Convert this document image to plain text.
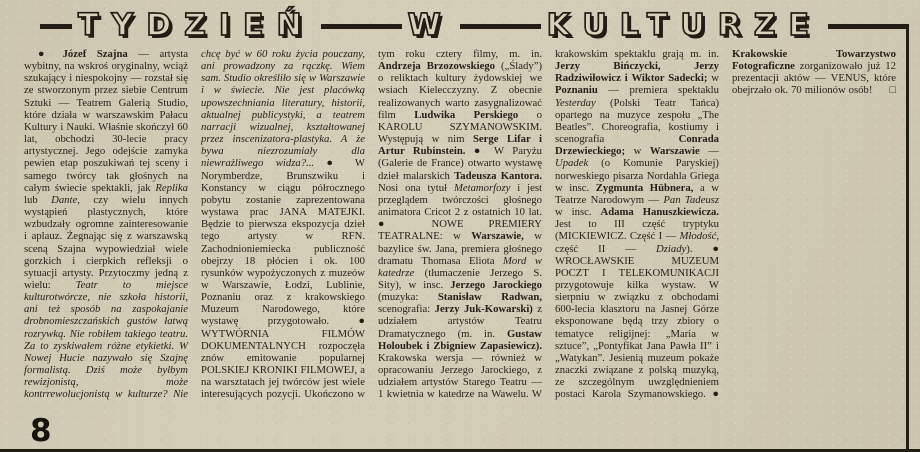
TYDZIEŃ	W	KULTURZE
● Józef Szajna — artysta wybitny, na wskroś oryginalny, wciąż szukający i niespokojny — rozstał się ze stworzonym przez siebie Centrum Sztuki — Teatrem Galerią Studio, które działa w warszawskim Pałacu Kultury i Nauki. Właśnie skończył 60 lat, obchodzi 30-lecie pracy artystycznej. Jego odejście zamyka pewien etap poszukiwań tej sceny i samego twórcy tak głośnych na całym świecie spektakli, jak Replika lub Dante, czy wielu innych wystąpień plastycznych, które wzbudzały ogromne zainteresowanie i aplauz. Żegnając się z warszawską sceną Szajna wypowiedział wiele gorzkich i cierpkich refleksji o sytuacji artysty. Przytoczmy jedną z wielu: Teatr to miejsce kulturotwórcze, nie szkoła historii, ani też sposób na zaspokajanie drobnomieszczańskich gustów łatwą rozrywką. Nie robiłem takiego teatru. Za to zyskiwałem różne etykietki. W Nowej Hucie nazywało się Szajnę formalistą. Dziś może byłbym rewizjonistą, może kontrrewolucjonistą w kulturze? Nie chcę być w 60 roku życia pouczany, ani prowadzony za rączkę. Wiem sam. Studio określiło się w Warszawie i w świecie. Nie jest placówką upowszechniania literatury, historii, aktualnej publicystyki, a teatrem narracji wizualnej, kształtowanej przez inscenizatora-plastyka. A że bywa niezrozumiały dla niewrażliwego widza?... ● W Norymberdze, Brunszwiku i Konstancy w ciągu półrocznego pobytu zostanie zaprezentowana wystawa prac JANA MATEJKI. Będzie to pierwsza ekspozycja dzieł tego artysty w RFN. Zachodnioniemiecka publiczność obejrzy 18 płócien i ok. 100 rysunków wypożyczonych z muzeów w Warszawie, Łodzi, Lublinie, Poznaniu oraz z krakowskiego Muzeum Narodowego, które wystawę przygotowało. ● WYTWÓRNIA FILMÓW DOKUMENTALNYCH rozpoczęła znów emitowanie popularnej POLSKIEJ KRONIKI FILMOWEJ, a na warsztatach jej twórców jest wiele interesujących pozycji. Ukończono w tym roku cztery filmy, m. in. Andrzeja Brzozowskiego („Ślady”) o reliktach kultury żydowskiej we wsiach Kielecczyzny. Z obecnie realizowanych warto zasygnalizować film Ludwika Perskiego o KAROLU SZYMANOWSKIM. Występują w nim Serge Lifar i Artur Rubinstein. ● W Paryżu (Galerie de France) otwarto wystawę dzieł malarskich Tadeusza Kantora. Nosi ona tytuł Metamorfozy i jest przeglądem twórczości głośnego animatora Cricot 2 z ostatnich 10 lat. ● NOWE PREMIERY TEATRALNE: w Warszawie, w bazylice św. Jana, premiera głośnego dramatu Thomasa Eliota Mord w katedrze (tłumaczenie Jerzego S. Sity), w insc. Jerzego Jarockiego (muzyka: Stanisław Radwan, scenografia: Jerzy Juk-Kowarski) z udziałem artystów Teatru Dramatycznego (m. in. Gustaw Holoubek i Zbigniew Zapasiewicz). Krakowska wersja — również w opracowaniu Jerzego Jarockiego, z udziałem artystów Starego Teatru — 1 kwietnia w katedrze na Wawelu. W krakowskim spektaklu grają m. in. Jerzy Bińczycki, Jerzy Radziwiłowicz i Wiktor Sadecki; w Poznaniu — premiera spektaklu Yesterday (Polski Teatr Tańca) opartego na muzyce zespołu „The Beatles”. Choreografia, kostiumy i scenografia Conrada Drzewieckiego; w Warszawie — Upadek (o Komunie Paryskiej) norweskiego pisarza Nordahla Griega w insc. Zygmunta Hübnera, a w Teatrze Narodowym — Pan Tadeusz w insc. Adama Hanuszkiewicza. Jest to III część tryptyku (MICKIEWICZ. Część I — Młodość, część II — Dziady). ● WROCŁAWSKIE MUZEUM POCZT I TELEKOMUNIKACJI przygotowuje kilka wystaw. W sierpniu w związku z obchodami 600-lecia klasztoru na Jasnej Górze eksponowane będą trzy zbiory o tematyce religijnej: „Maria w sztuce”, „Pontyfikat Jana Pawła II” i „Watykan”. Jesienią muzeum pokaże znaczki związane z polską muzyką, ze szczególnym uwzględnieniem postaci Karola Szymanowskiego. ● Krakowskie Towarzystwo Fotograficzne zorganizowało już 12 prezentacji aktów — VENUS, które obejrzało ok. 70 milionów osób! □
8
